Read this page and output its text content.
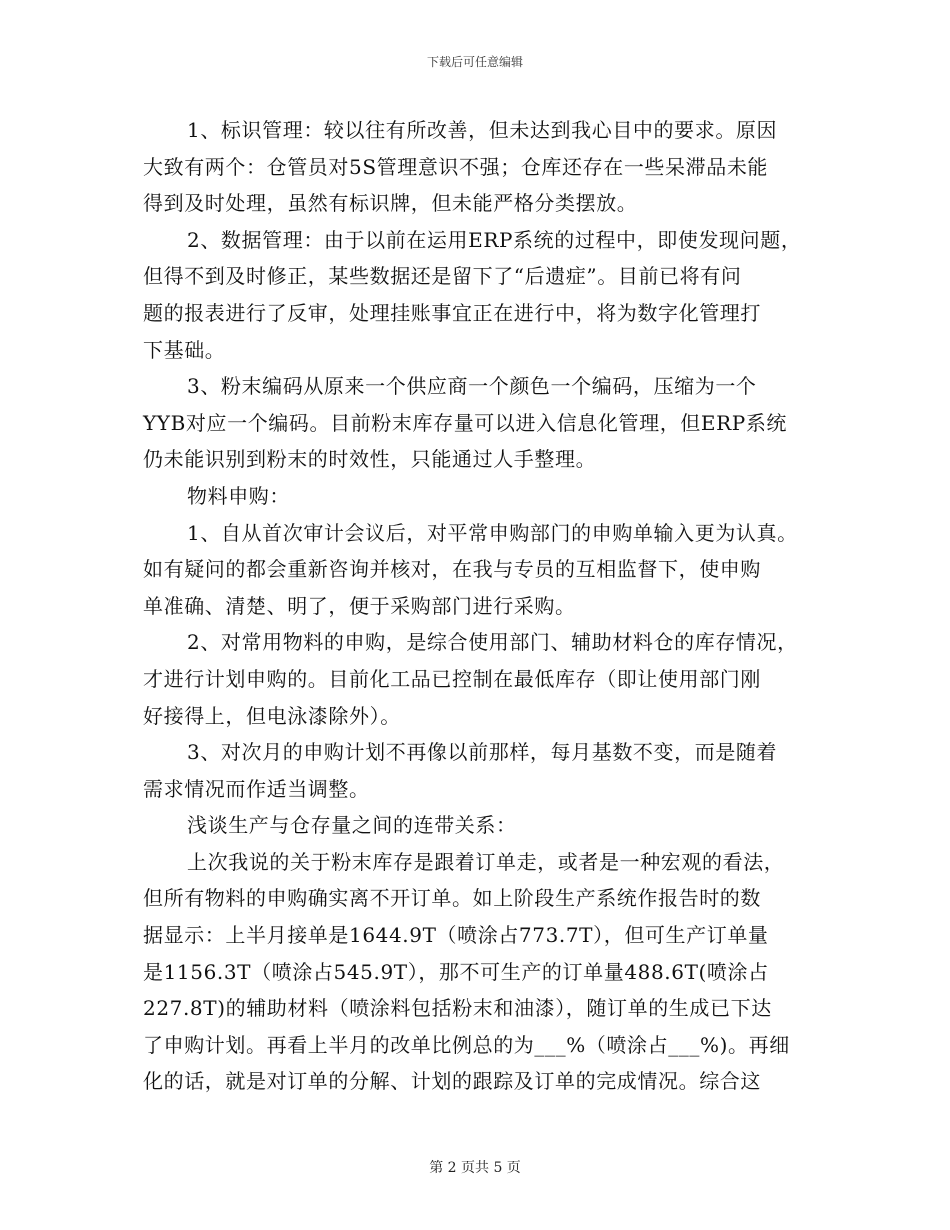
下载后可任意编辑
1、标识管理：较以往有所改善，但未达到我心目中的要求。原因
大致有两个：仓管员对5S管理意识不强；仓库还存在一些呆滞品未能
得到及时处理，虽然有标识牌，但未能严格分类摆放。
2、数据管理：由于以前在运用ERP系统的过程中，即使发现问题，
但得不到及时修正，某些数据还是留下了“后遗症”。目前已将有问
题的报表进行了反审，处理挂账事宜正在进行中，将为数字化管理打
下基础。
3、粉末编码从原来一个供应商一个颜色一个编码，压缩为一个
YYB对应一个编码。目前粉末库存量可以进入信息化管理，但ERP系统
仍未能识别到粉末的时效性，只能通过人手整理。
物料申购：
1、自从首次审计会议后，对平常申购部门的申购单输入更为认真。
如有疑问的都会重新咨询并核对，在我与专员的互相监督下，使申购
单准确、清楚、明了，便于采购部门进行采购。
2、对常用物料的申购，是综合使用部门、辅助材料仓的库存情况，
才进行计划申购的。目前化工品已控制在最低库存（即让使用部门刚
好接得上，但电泳漆除外）。
3、对次月的申购计划不再像以前那样，每月基数不变，而是随着
需求情况而作适当调整。
浅谈生产与仓存量之间的连带关系：
上次我说的关于粉末库存是跟着订单走，或者是一种宏观的看法，
但所有物料的申购确实离不开订单。如上阶段生产系统作报告时的数
据显示：上半月接单是1644.9T（喷涂占773.7T），但可生产订单量
是1156.3T（喷涂占545.9T），那不可生产的订单量488.6T(喷涂占
227.8T)的辅助材料（喷涂料包括粉末和油漆），随订单的生成已下达
了申购计划。再看上半月的改单比例总的为___%（喷涂占___%)。再细
化的话，就是对订单的分解、计划的跟踪及订单的完成情况。综合这
第 2 页共 5 页
